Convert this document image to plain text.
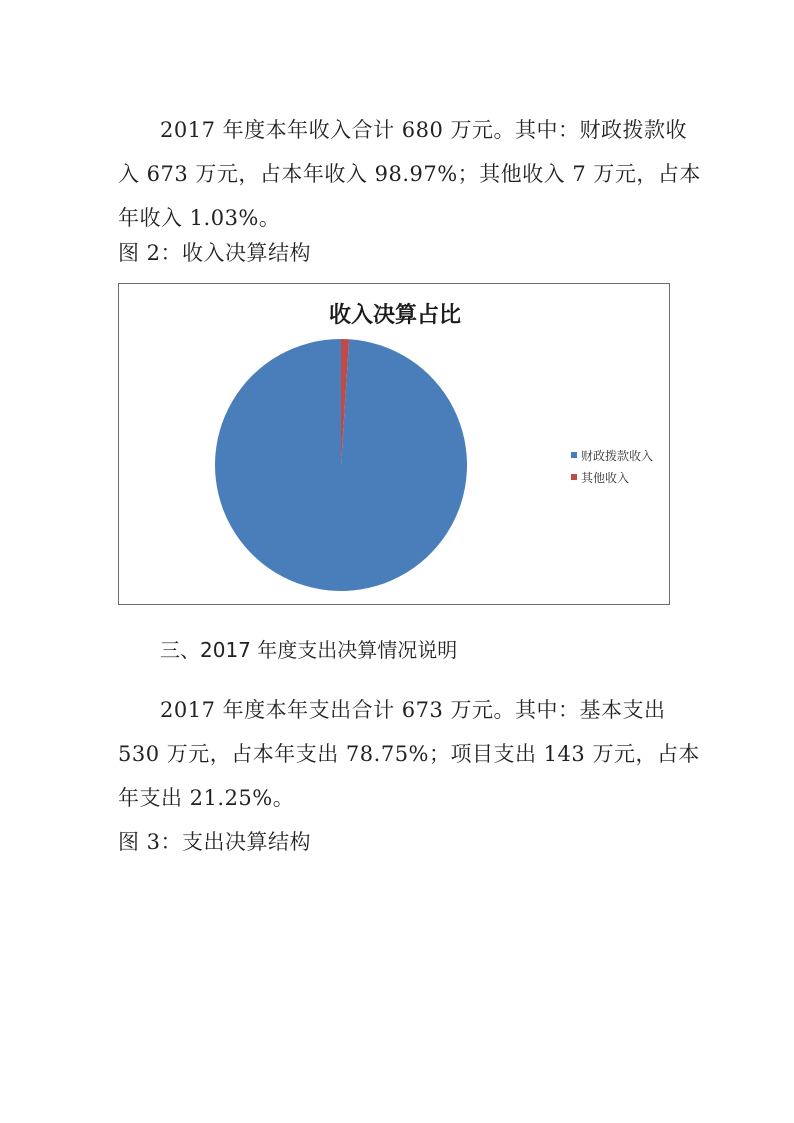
2017 年度本年收入合计 680 万元。其中：财政拨款收
入 673 万元，占本年收入 98.97%；其他收入 7 万元，占本
年收入 1.03%。

图 2：收入决算结构

收入决算占比
财政拨款收入
其他收入
三、2017 年度支出决算情况说明
2017 年度本年支出合计 673 万元。其中：基本支出
530 万元，占本年支出 78.75%；项目支出 143 万元，占本
年支出 21.25%。

图 3：支出决算结构
